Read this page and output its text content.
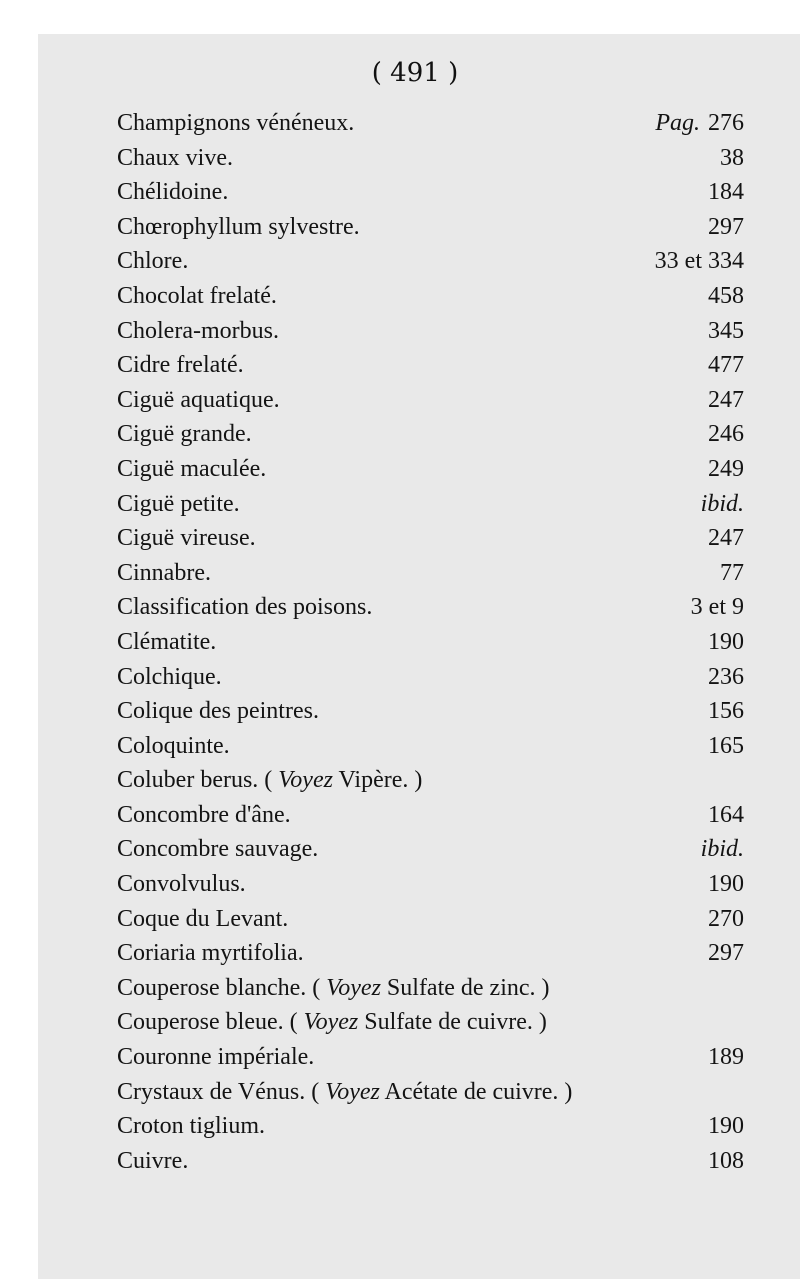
( 491 )
Champignons vénéneux.	Pag. 276
Chaux vive.	38
Chélidoine.	184
Chœrophyllum sylvestre.	297
Chlore.	33 et 334
Chocolat frelaté.	458
Cholera-morbus.	345
Cidre frelaté.	477
Ciguë aquatique.	247
Ciguë grande.	246
Ciguë maculée.	249
Ciguë petite.	ibid.
Ciguë vireuse.	247
Cinnabre.	77
Classification des poisons.	3 et 9
Clématite.	190
Colchique.	236
Colique des peintres.	156
Coloquinte.	165
Coluber berus. ( Voyez Vipère. )
Concombre d'âne.	164
Concombre sauvage.	ibid.
Convolvulus.	190
Coque du Levant.	270
Coriaria myrtifolia.	297
Couperose blanche. ( Voyez Sulfate de zinc. )
Couperose bleue. ( Voyez Sulfate de cuivre. )
Couronne impériale.	189
Crystaux de Vénus. ( Voyez Acétate de cuivre. )
Croton tiglium.	190
Cuivre.	108
